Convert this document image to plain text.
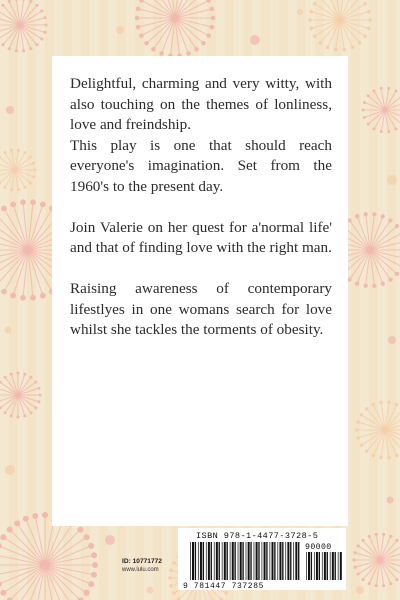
Delightful, charming and very witty, with also touching on the themes of lonliness, love and freindship.
This play is one that should reach everyone's imagination. Set from the 1960's to the present day.

Join Valerie on her quest for a'normal life' and that of finding love with the right man.

Raising awareness of contemporary lifestlyes in one womans search for love whilst she tackles the torments of obesity.

ISBN 978-1-4477-3728-5
90000
9 781447 737285
ID: 10771772
www.lulu.com
